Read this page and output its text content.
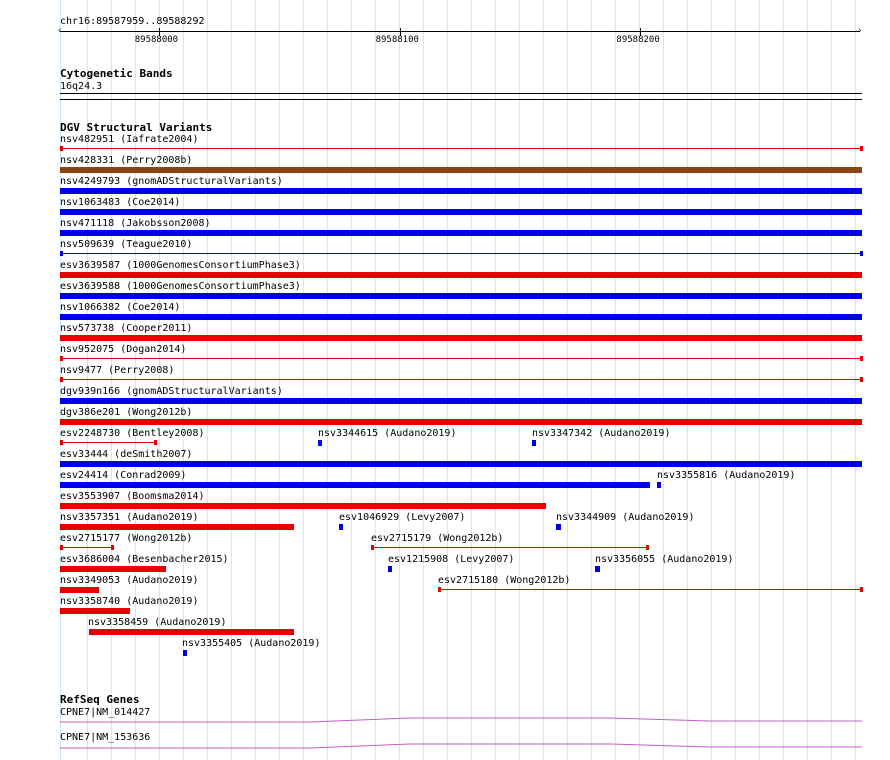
chr16:89587959..89588292
‹	›
89588000	89588100	89588200
Cytogenetic Bands
16q24.3
DGV Structural Variants
nsv482951 (Iafrate2004)
nsv428331 (Perry2008b)
nsv4249793 (gnomADStructuralVariants)
nsv1063483 (Coe2014)
nsv471118 (Jakobsson2008)
nsv509639 (Teague2010)
esv3639587 (1000GenomesConsortiumPhase3)
esv3639588 (1000GenomesConsortiumPhase3)
nsv1066382 (Coe2014)
nsv573738 (Cooper2011)
nsv952075 (Dogan2014)
nsv9477 (Perry2008)
dgv939n166 (gnomADStructuralVariants)
dgv386e201 (Wong2012b)
esv2248730 (Bentley2008)	nsv3344615 (Audano2019)	nsv3347342 (Audano2019)
esv33444 (deSmith2007)
esv24414 (Conrad2009)	nsv3355816 (Audano2019)
esv3553907 (Boomsma2014)
nsv3357351 (Audano2019)	esv1046929 (Levy2007)	nsv3344909 (Audano2019)
esv2715177 (Wong2012b)	esv2715179 (Wong2012b)
esv3686004 (Besenbacher2015)	esv1215908 (Levy2007)	nsv3356055 (Audano2019)
nsv3349053 (Audano2019)	esv2715180 (Wong2012b)
nsv3358740 (Audano2019)
nsv3358459 (Audano2019)
nsv3355405 (Audano2019)
RefSeq Genes
CPNE7|NM_014427
CPNE7|NM_153636
